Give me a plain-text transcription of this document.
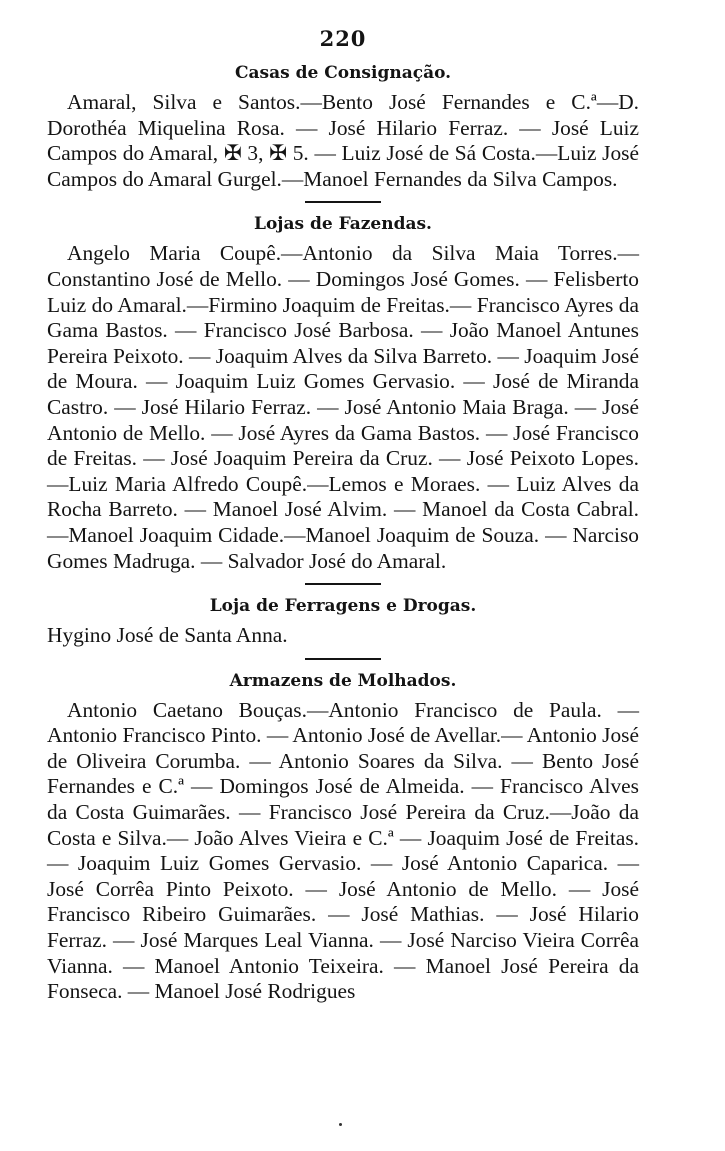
220
Casas de Consignação.

Amaral, Silva e Santos.—Bento José Fernandes e C.ª—D. Dorothéa Miquelina Rosa. — José Hilario Ferraz. — José Luiz Campos do Amaral, ✠ 3, ✠ 5. — Luiz José de Sá Costa.—Luiz José Campos do Amaral Gurgel.—Manoel Fernandes da Silva Campos.

Lojas de Fazendas.

Angelo Maria Coupê.—Antonio da Silva Maia Torres.— Constantino José de Mello. — Domingos José Gomes. — Felisberto Luiz do Amaral.—Firmino Joaquim de Freitas.— Francisco Ayres da Gama Bastos. — Francisco José Barbosa. — João Manoel Antunes Pereira Peixoto. — Joaquim Alves da Silva Barreto. — Joaquim José de Moura. — Joaquim Luiz Gomes Gervasio. — José de Miranda Castro. — José Hilario Ferraz. — José Antonio Maia Braga. — José Antonio de Mello. — José Ayres da Gama Bastos. — José Francisco de Freitas. — José Joaquim Pereira da Cruz. — José Peixoto Lopes.—Luiz Maria Alfredo Coupê.—Lemos e Moraes. — Luiz Alves da Rocha Barreto. — Manoel José Alvim. — Manoel da Costa Cabral. —Manoel Joaquim Cidade.—Manoel Joaquim de Souza. — Narciso Gomes Madruga. — Salvador José do Amaral.

Loja de Ferragens e Drogas.

Hygino José de Santa Anna.

Armazens de Molhados.

Antonio Caetano Bouças.—Antonio Francisco de Paula. — Antonio Francisco Pinto. — Antonio José de Avellar.— Antonio José de Oliveira Corumba. — Antonio Soares da Silva. — Bento José Fernandes e C.ª — Domingos José de Almeida. — Francisco Alves da Costa Guimarães. — Francisco José Pereira da Cruz.—João da Costa e Silva.— João Alves Vieira e C.ª — Joaquim José de Freitas. — Joaquim Luiz Gomes Gervasio. — José Antonio Caparica. — José Corrêa Pinto Peixoto. — José Antonio de Mello. — José Francisco Ribeiro Guimarães. — José Mathias. — José Hilario Ferraz. — José Marques Leal Vianna. — José Narciso Vieira Corrêa Vianna. — Manoel Antonio Teixeira. — Manoel José Pereira da Fonseca. — Manoel José Rodrigues
